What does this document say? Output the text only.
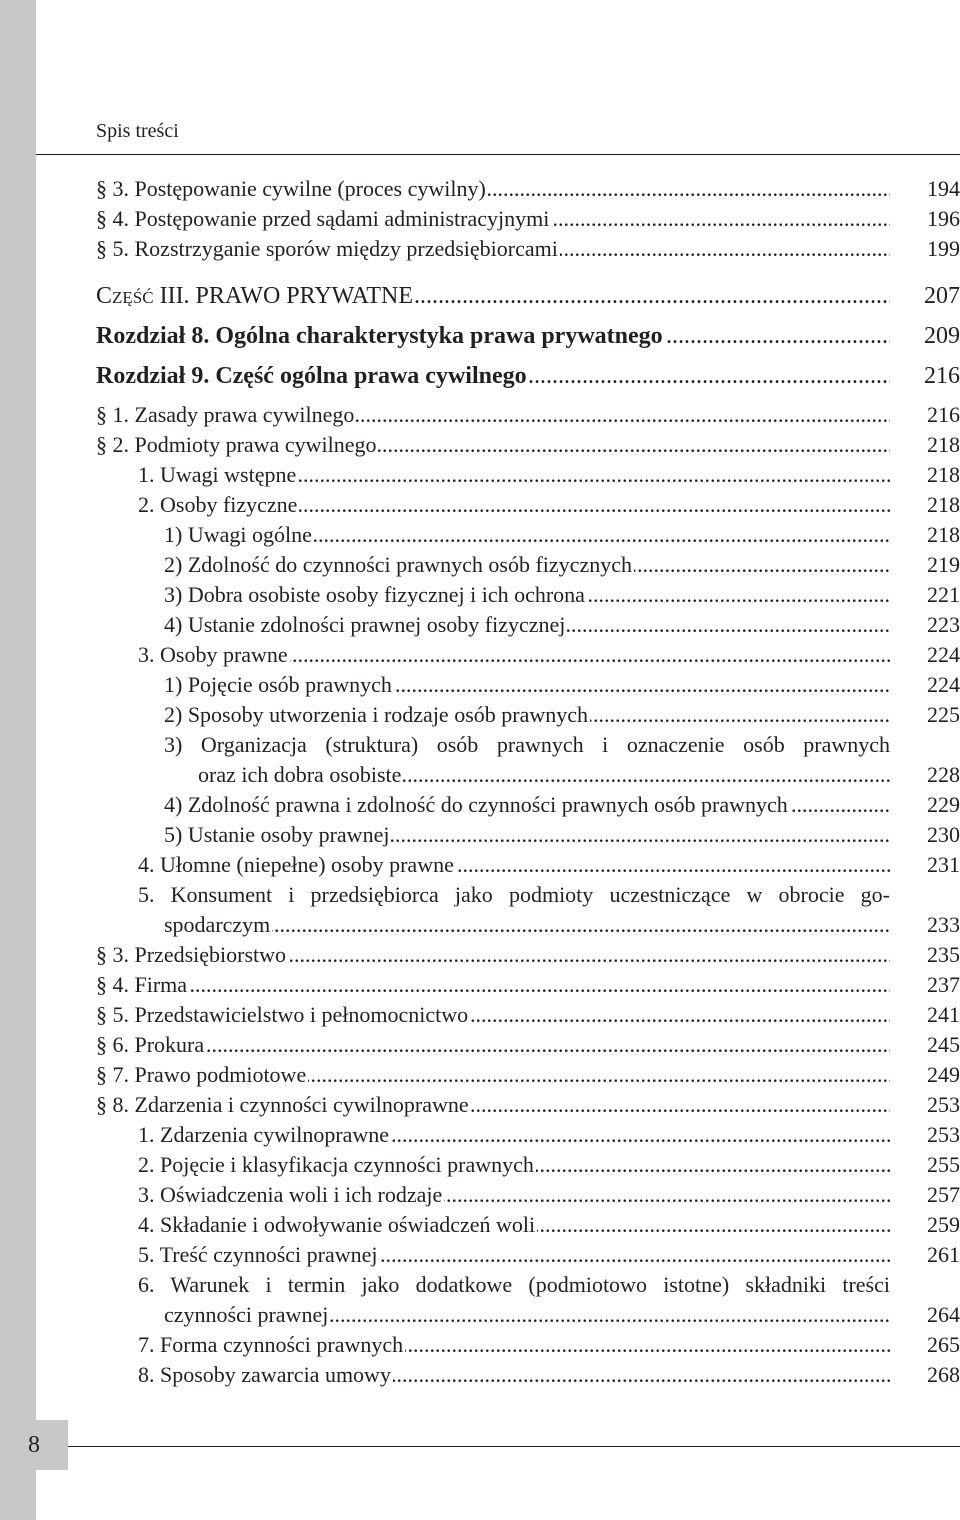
8
Spis treści
§ 3. Postępowanie cywilne (proces cywilny) .....	194
§ 4. Postępowanie przed sądami administracyjnymi .....	196
§ 5. Rozstrzyganie sporów między przedsiębiorcami .....	199
Część III. PRAWO PRYWATNE .....	207
Rozdział 8. Ogólna charakterystyka prawa prywatnego .....	209
Rozdział 9. Część ogólna prawa cywilnego .....	216
§ 1. Zasady prawa cywilnego .....	216
§ 2. Podmioty prawa cywilnego .....	218
1. Uwagi wstępne .....	218
2. Osoby fizyczne .....	218
1) Uwagi ogólne .....	218
2) Zdolność do czynności prawnych osób fizycznych .....	219
3) Dobra osobiste osoby fizycznej i ich ochrona .....	221
4) Ustanie zdolności prawnej osoby fizycznej .....	223
3. Osoby prawne .....	224
1) Pojęcie osób prawnych .....	224
2) Sposoby utworzenia i rodzaje osób prawnych .....	225
3) Organizacja (struktura) osób prawnych i oznaczenie osób prawnych
oraz ich dobra osobiste .....	228
4) Zdolność prawna i zdolność do czynności prawnych osób prawnych .....	229
5) Ustanie osoby prawnej .....	230
4. Ułomne (niepełne) osoby prawne .....	231
5. Konsument i przedsiębiorca jako podmioty uczestniczące w obrocie go-
spodarczym .....	233
§ 3. Przedsiębiorstwo .....	235
§ 4. Firma .....	237
§ 5. Przedstawicielstwo i pełnomocnictwo .....	241
§ 6. Prokura .....	245
§ 7. Prawo podmiotowe .....	249
§ 8. Zdarzenia i czynności cywilnoprawne .....	253
1. Zdarzenia cywilnoprawne .....	253
2. Pojęcie i klasyfikacja czynności prawnych .....	255
3. Oświadczenia woli i ich rodzaje .....	257
4. Składanie i odwoływanie oświadczeń woli .....	259
5. Treść czynności prawnej .....	261
6. Warunek i termin jako dodatkowe (podmiotowo istotne) składniki treści
czynności prawnej .....	264
7. Forma czynności prawnych .....	265
8. Sposoby zawarcia umowy .....	268
